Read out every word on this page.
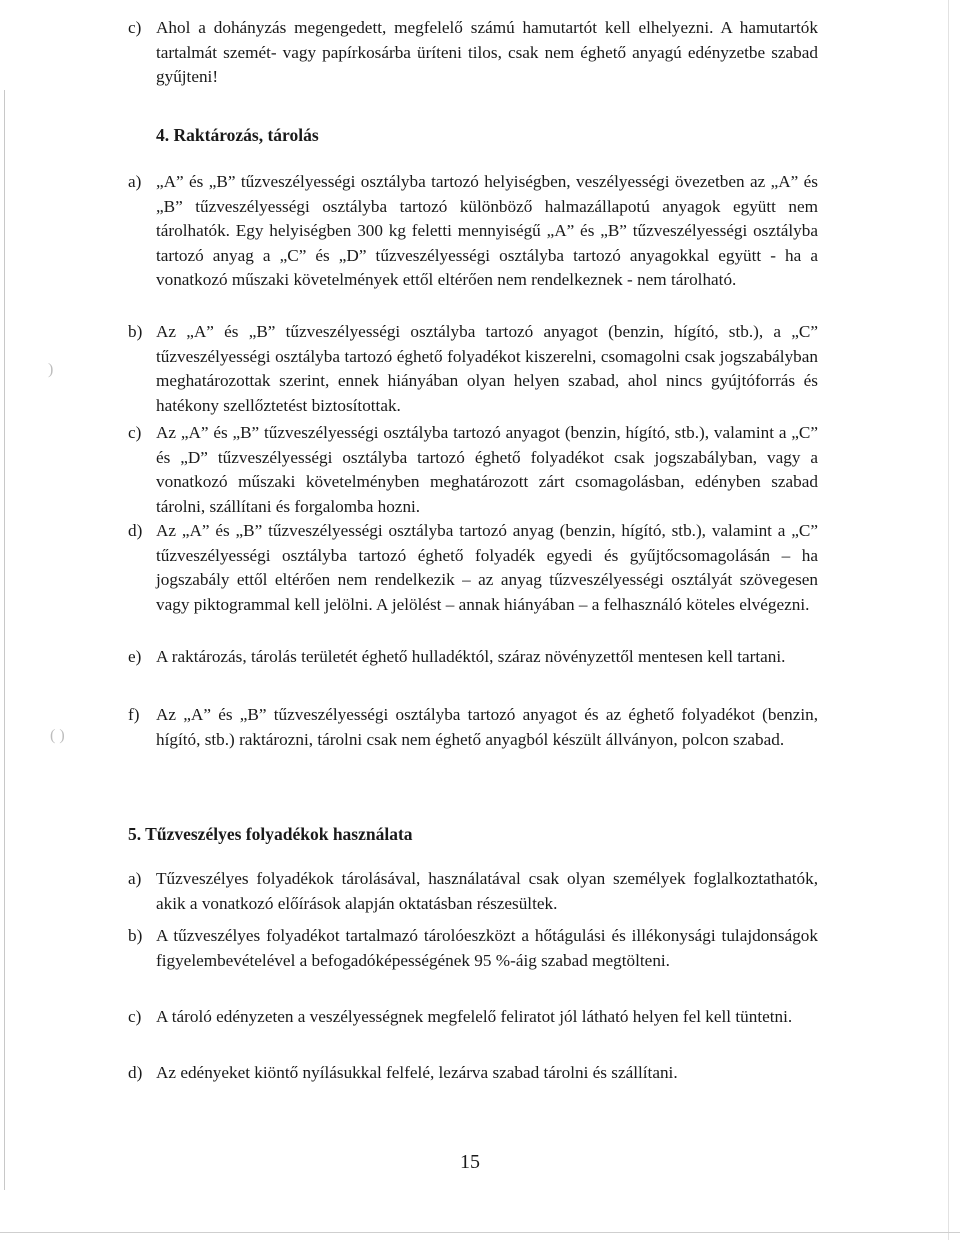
)
( )
c) Ahol a dohányzás megengedett, megfelelő számú hamutartót kell elhelyezni. A hamutartók tartalmát szemét- vagy papírkosárba üríteni tilos, csak nem éghető anyagú edényzetbe szabad gyűjteni!
4. Raktározás, tárolás
a) „A” és „B” tűzveszélyességi osztályba tartozó helyiségben, veszélyességi övezetben az „A” és „B” tűzveszélyességi osztályba tartozó különböző halmazállapotú anyagok együtt nem tárolhatók. Egy helyiségben 300 kg feletti mennyiségű „A” és „B” tűzveszélyességi osztályba tartozó anyag a „C” és „D” tűzveszélyességi osztályba tartozó anyagokkal együtt - ha a vonatkozó műszaki követelmények ettől eltérően nem rendelkeznek - nem tárolható.
b) Az „A” és „B” tűzveszélyességi osztályba tartozó anyagot (benzin, hígító, stb.), a „C” tűzveszélyességi osztályba tartozó éghető folyadékot kiszerelni, csomagolni csak jogszabályban meghatározottak szerint, ennek hiányában olyan helyen szabad, ahol nincs gyújtóforrás és hatékony szellőztetést biztosítottak.
c) Az „A” és „B” tűzveszélyességi osztályba tartozó anyagot (benzin, hígító, stb.), valamint a „C” és „D” tűzveszélyességi osztályba tartozó éghető folyadékot csak jogszabályban, vagy a vonatkozó műszaki követelményben meghatározott zárt csomagolásban, edényben szabad tárolni, szállítani és forgalomba hozni.
d) Az „A” és „B” tűzveszélyességi osztályba tartozó anyag (benzin, hígító, stb.), valamint a „C” tűzveszélyességi osztályba tartozó éghető folyadék egyedi és gyűjtőcsomagolásán – ha jogszabály ettől eltérően nem rendelkezik – az anyag tűzveszélyességi osztályát szövegesen vagy piktogrammal kell jelölni. A jelölést – annak hiányában – a felhasználó köteles elvégezni.
e) A raktározás, tárolás területét éghető hulladéktól, száraz növényzettől mentesen kell tartani.
f) Az „A” és „B” tűzveszélyességi osztályba tartozó anyagot és az éghető folyadékot (benzin, hígító, stb.) raktározni, tárolni csak nem éghető anyagból készült állványon, polcon szabad.
5. Tűzveszélyes folyadékok használata
a) Tűzveszélyes folyadékok tárolásával, használatával csak olyan személyek foglalkoztathatók, akik a vonatkozó előírások alapján oktatásban részesültek.
b) A tűzveszélyes folyadékot tartalmazó tárolóeszközt a hőtágulási és illékonysági tulajdonságok figyelembevételével a befogadóképességének 95 %-áig szabad megtölteni.
c) A tároló edényzeten a veszélyességnek megfelelő feliratot jól látható helyen fel kell tüntetni.
d) Az edényeket kiöntő nyílásukkal felfelé, lezárva szabad tárolni és szállítani.
15
